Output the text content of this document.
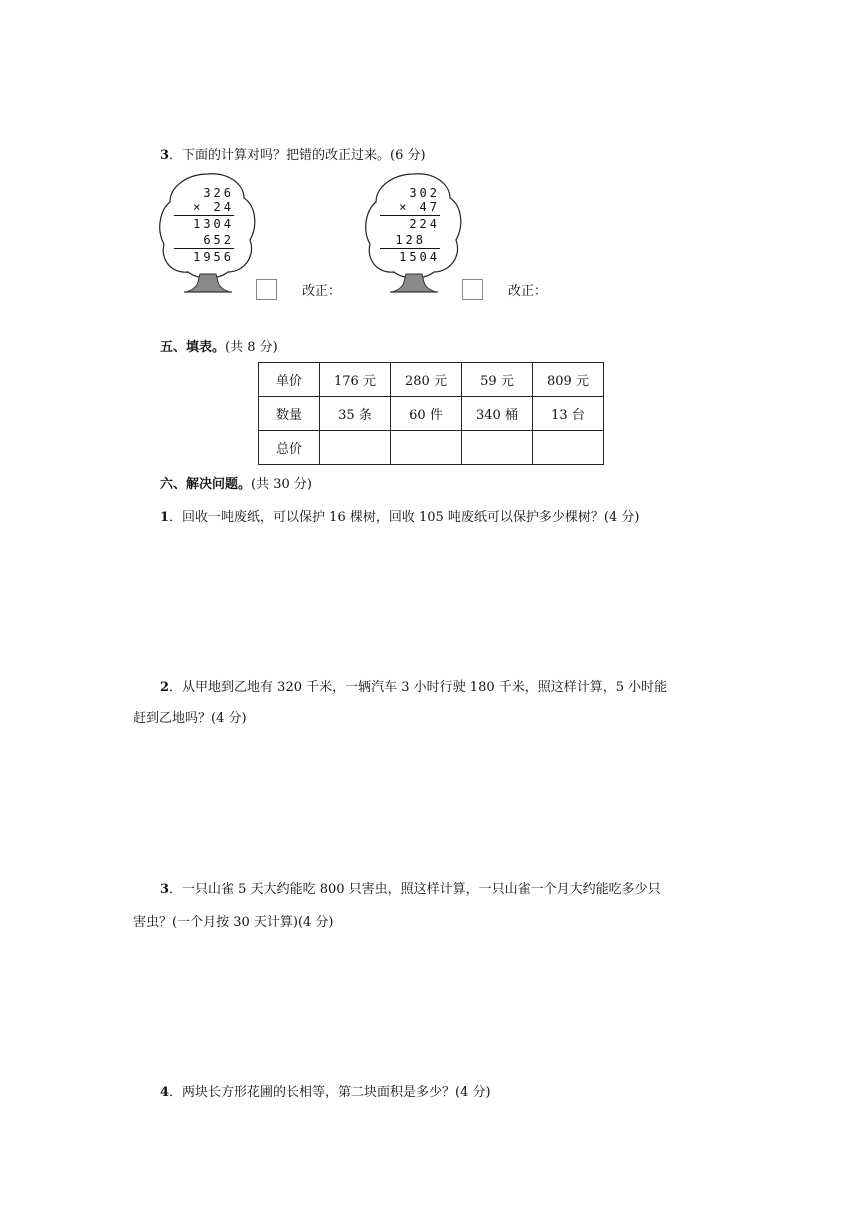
3．下面的计算对吗？把错的改正过来。(6 分)
326
× 24
1304
652
1956
改正：
302
× 47
224
128
1504
改正：
五、填表。(共 8 分)
单价	176 元	280 元	59 元	809 元
数量	35 条	60 件	340 桶	13 台
总价				
六、解决问题。(共 30 分)
1．回收一吨废纸，可以保护 16 棵树，回收 105 吨废纸可以保护多少棵树？(4 分)
2．从甲地到乙地有 320 千米，一辆汽车 3 小时行驶 180 千米，照这样计算，5 小时能
赶到乙地吗？(4 分)
3．一只山雀 5 天大约能吃 800 只害虫，照这样计算，一只山雀一个月大约能吃多少只
害虫？(一个月按 30 天计算)(4 分)
4．两块长方形花圃的长相等，第二块面积是多少？(4 分)
